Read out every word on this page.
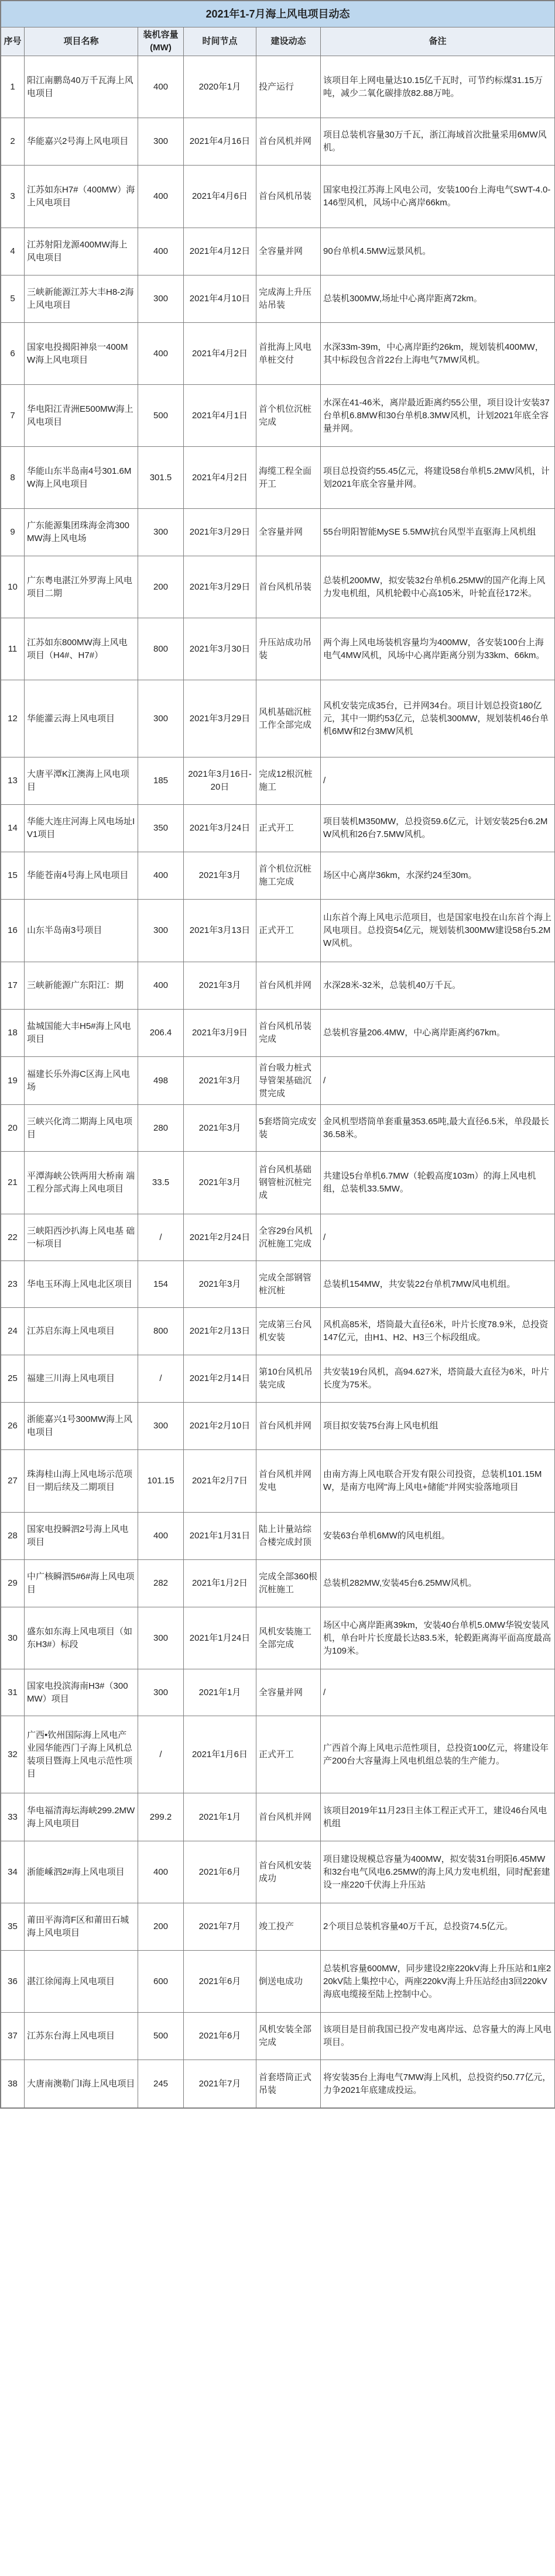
2021年1-7月海上风电项目动态					
序号	项目名称	装机容量(MW)	时间节点	建设动态	备注
1	阳江南鹏岛40万千瓦海上风电项目	400	2020年1月	投产运行	该项目年上网电量达10.15亿千瓦时，可节约标煤31.15万吨，减少二氧化碳排放82.88万吨。
2	华能嘉兴2号海上风电项目	300	2021年4月16日	首台风机并网	项目总装机容量30万千瓦，浙江海域首次批量采用6MW风机。
3	江苏如东H7#（400MW）海上风电项目	400	2021年4月6日	首台风机吊装	国家电投江苏海上风电公司，安装100台上海电气SWT-4.0-146型风机，风场中心离岸66km。
4	江苏射阳龙源400MW海上风电项目	400	2021年4月12日	全容量并网	90台单机4.5MW远景风机。
5	三峡新能源江苏大丰H8-2海上风电项目	300	2021年4月10日	完成海上升压站吊装	总装机300MW,场址中心离岸距离72km。
6	国家电投揭阳神泉一400MW海上风电项目	400	2021年4月2日	首批海上风电单桩交付	水深33m-39m，中心离岸距约26km，规划装机400MW，其中标段包含首22台上海电气7MW风机。
7	华电阳江青洲E500MW海上风电项目	500	2021年4月1日	首个机位沉桩完成	水深在41-46米，离岸最近距离约55公里，项目设计安装37台单机6.8MW和30台单机8.3MW风机，计划2021年底全容量并网。
8	华能山东半岛南4号301.6MW海上风电项目	301.5	2021年4月2日	海缆工程全面开工	项目总投资约55.45亿元，将建设58台单机5.2MW风机，计划2021年底全容量并网。
9	广东能源集团珠海金湾300MW海上风电场	300	2021年3月29日	全容量并网	55台明阳智能MySE 5.5MW抗台风型半直驱海上风机组
10	广东粤电湛江外罗海上风电项目二期	200	2021年3月29日	首台风机吊装	总装机200MW，拟安装32台单机6.25MW的国产化海上风力发电机组，风机轮毂中心高105米，叶轮直径172米。
11	江苏如东800MW海上风电项目（H4#、H7#）	800	2021年3月30日	升压站成功吊装	两个海上风电场装机容量均为400MW，各安装100台上海电气4MW风机，风场中心离岸距离分别为33km、66km。
12	华能灌云海上风电项目	300	2021年3月29日	风机基础沉桩工作全部完成	风机安装完成35台，已并网34台。项目计划总投资180亿元，其中一期约53亿元，总装机300MW，规划装机46台单机6MW和2台3MW风机
13	大唐平潭K江澳海上风电项目	185	2021年3月16日-20日	完成12根沉桩施工	/
14	华能大连庄河海上风电场址IV1项目	350	2021年3月24日	正式开工	项目装机M350MW，总投资59.6亿元，计划安装25台6.2MW风机和26台7.5MW风机。
15	华能苍南4号海上风电项目	400	2021年3月	首个机位沉桩施工完成	场区中心离岸36km，水深约24至30m。
16	山东半岛南3号项目	300	2021年3月13日	正式开工	山东首个海上风电示范项目，也是国家电投在山东首个海上风电项目。总投资54亿元，规划装机300MW建设58台5.2MW风机。
17	三峡新能源广东阳江：期	400	2021年3月	首台风机并网	水深28米-32米，总装机40万千瓦。
18	盐城国能大丰H5#海上风电项目	206.4	2021年3月9日	首台风机吊装完成	总装机容量206.4MW，中心离岸距离约67km。
19	福建长乐外海C区海上风电场	498	2021年3月	首台吸力桩式导管架基础沉贯完成	/
20	三峡兴化湾二期海上风电项目	280	2021年3月	5套塔筒完成安装	金风机型塔筒单套重量353.65吨,最大直径6.5米，单段最长36.58米。
21	平潭海峡公铁两用大桥南 端工程分部式海上风电项目	33.5	2021年3月	首台风机基础钢管桩沉桩完成	共建设5台单机6.7MW（轮毂高度103m）的海上风电机组，总装机33.5MW。
22	三峡阳西沙扒海上风电基 础一标项目	/	2021年2月24日	全容29台风机沉桩施工完成	/
23	华电玉环海上风电北区项目	154	2021年3月	完成全部钢管桩沉桩	总装机154MW，共安装22台单机7MW风电机组。
24	江苏启东海上风电项目	800	2021年2月13日	完成第三台风机安装	风机高85米，塔筒最大直径6米，叶片长度78.9米，总投资147亿元，由H1、H2、H3三个标段组成。
25	福建三川海上风电项目	/	2021年2月14日	第10台风机吊装完成	共安装19台风机，高94.627米，塔筒最大直径为6米，叶片长度为75米。
26	浙能嘉兴1号300MW海上风电项目	300	2021年2月10日	首台风机并网	项目拟安装75台海上风电机组
27	珠海桂山海上风电场示范项目一期后续及二期项目	101.15	2021年2月7日	首台风机并网发电	由南方海上风电联合开发有限公司投资，总装机101.15MW，是南方电网"海上风电+储能"并网实验落地项目
28	国家电投瞬泗2号海上风电项目	400	2021年1月31日	陆上计量站综合楼完成封顶	安装63台单机6MW的风电机组。
29	中广核瞬泗5#6#海上风电项目	282	2021年1月2日	完成全部360根沉桩施工	总装机282MW,安装45台6.25MW风机。
30	盛东如东海上风电项目（如东H3#）标段	300	2021年1月24日	风机安装施工全部完成	场区中心离岸距离39km，安装40台单机5.0MW华锐安装风机，单台叶片长度最长达83.5米，轮毂距离海平面高度最高为109米。
31	国家电投滨海南H3#（300MW）项目	300	2021年1月	全容量并网	/
32	广西•钦州国际海上风电产业园华能西门子海上风机总装项目暨海上风电示范性项目	/	2021年1月6日	正式开工	广西首个海上风电示范性项目，总投资100亿元，将建设年产200台大容量海上风电机组总装的生产能力。
33	华电福清海坛海峡299.2MW海上风电项目	299.2	2021年1月	首台风机并网	该项目2019年11月23日主体工程正式开工，建设46台风电机组
34	浙能嵊泗2#海上风电项目	400	2021年6月	首台风机安装成功	项目建设规模总容量为400MW，拟安装31台明阳6.45MW和32台电气风电6.25MW的海上风力发电机组，同时配套建设一座220千伏海上升压站
35	莆田平海湾F区和莆田石城海上风电项目	200	2021年7月	竣工投产	2个项目总装机容量40万千瓦，总投资74.5亿元。
36	湛江徐闻海上风电项目	600	2021年6月	倒送电成功	总装机容量600MW，同步建设2座220kV海上升压站和1座220kV陆上集控中心，两座220kV海上升压站经由3回220kV海底电缆接至陆上控制中心。
37	江苏东台海上风电项目	500	2021年6月	风机安装全部完成	该项目是目前我国已投产发电离岸远、总容量大的海上风电项目。
38	大唐南澳勒门Ⅰ海上风电项目	245	2021年7月	首套塔筒正式吊装	将安装35台上海电气7MW海上风机，总投资约50.77亿元，力争2021年底建成投运。
